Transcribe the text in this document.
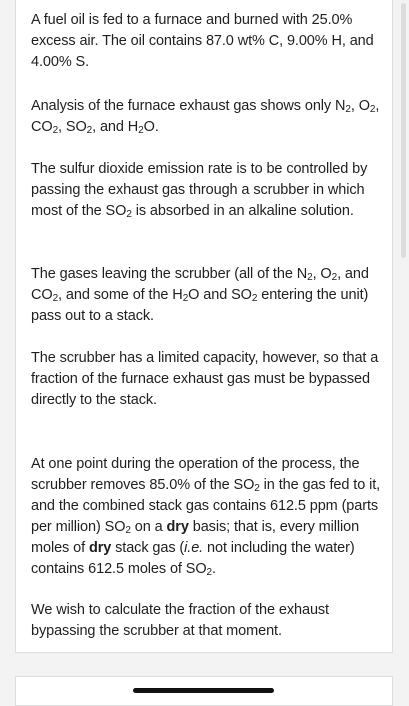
A fuel oil is fed to a furnace and burned with 25.0% excess air. The oil contains 87.0 wt% C, 9.00% H, and 4.00% S.

Analysis of the furnace exhaust gas shows only $N_2$, $O_2$, $CO_2$, $SO_2$, and $H_2O$.

The sulfur dioxide emission rate is to be controlled by passing the exhaust gas through a scrubber in which most of the $SO_2$ is absorbed in an alkaline solution.

The gases leaving the scrubber (all of the $N_2$, $O_2$, and $CO_2$, and some of the $H_2O$ and $SO_2$ entering the unit) pass out to a stack.

The scrubber has a limited capacity, however, so that a fraction of the furnace exhaust gas must be bypassed directly to the stack.

At one point during the operation of the process, the scrubber removes 85.0% of the $SO_2$ in the gas fed to it, and the combined stack gas contains 612.5 ppm (parts per million) $SO_2$ on a dry basis; that is, every million moles of dry stack gas (i.e. not including the water) contains 612.5 moles of $SO_2$.

We wish to calculate the fraction of the exhaust bypassing the scrubber at that moment.
